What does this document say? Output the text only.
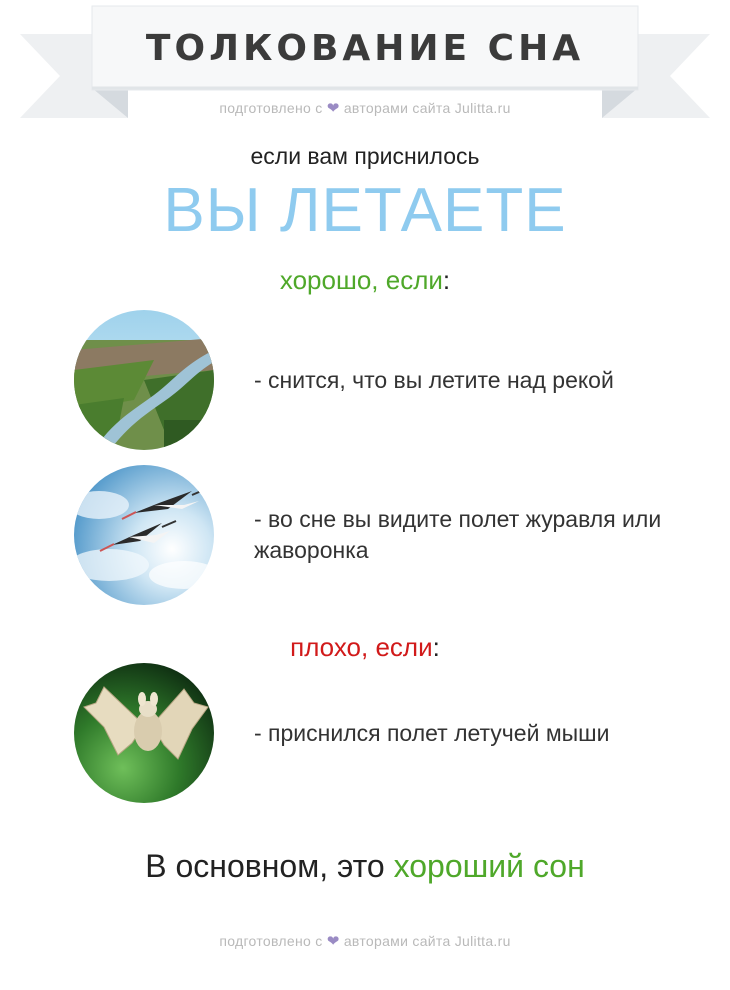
ТОЛКОВАНИЕ СНА
подготовлено с ❤ авторами сайта Julitta.ru
если вам приснилось
ВЫ ЛЕТАЕТЕ
хорошо, если:
- снится, что вы летите над рекой
- во сне вы видите полет журавля или жаворонка
плохо, если:
- приснился полет летучей мыши
В основном, это хороший сон
подготовлено с ❤ авторами сайта Julitta.ru
